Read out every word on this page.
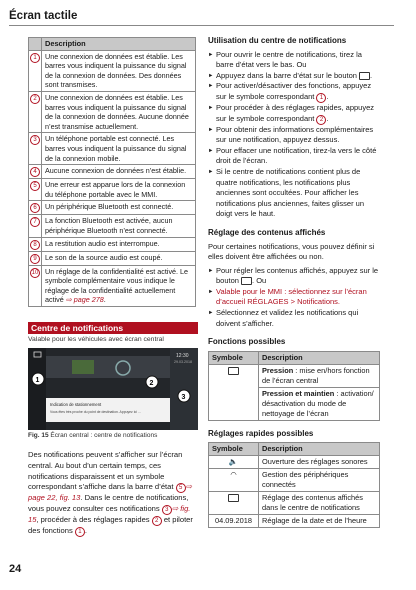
Écran tactile
	Description
1	Une connexion de données est établie. Les barres vous indiquent la puissance du signal de la connexion de données. Des données sont transmises.
2	Une connexion de données est établie. Les barres vous indiquent la puissance du signal de la connexion de données. Aucune donnée n’est transmise actuellement.
3	Un téléphone portable est connecté. Les barres vous indiquent la puissance du signal de la connexion mobile.
4	Aucune connexion de données n’est établie.
5	Une erreur est apparue lors de la connexion du téléphone portable avec le MMI.
6	Un périphérique Bluetooth est connecté.
7	La fonction Bluetooth est activée, aucun périphérique Bluetooth n’est connecté.
8	La restitution audio est interrompue.
9	Le son de la source audio est coupé.
10	Un réglage de la confidentialité est activé. Le symbole complémentaire vous indique le réglage de la confidentialité actuellement activé ⇨ page 278.
Centre de notifications
Valable pour les véhicules avec écran central
12:30
29.03.2018
Indication de stationnement
Vous êtes très proche du point de destination. Appuyez ici ...
1	2
3
Fig. 15 Écran central : centre de notifications
Des notifications peuvent s’afficher sur l’écran central. Au bout d’un certain temps, ces notifications disparaissent et un symbole correspondant s’affiche dans la barre d’état 5 ⇨ page 22, fig. 13. Dans le centre de notifications, vous pouvez consulter ces notifications 3 ⇨ fig. 15, procéder à des réglages rapides 2 et piloter des fonctions 1 .
24
Utilisation du centre de notifications
► Pour ouvrir le centre de notifications, tirez la barre d’état vers le bas. Ou
► Appuyez dans la barre d’état sur le bouton .
► Pour activer/désactiver des fonctions, appuyez sur le symbole correspondant 1 .
► Pour procéder à des réglages rapides, appuyez sur le symbole correspondant 2 .
► Pour obtenir des informations complémentaires sur une notification, appuyez dessus.
► Pour effacer une notification, tirez-la vers le côté droit de l’écran.
► Si le centre de notifications contient plus de quatre notifications, les notifications plus anciennes sont occultées. Pour afficher les notifications plus anciennes, faites glisser un doigt vers le haut.
Réglage des contenus affichés
Pour certaines notifications, vous pouvez définir si elles doivent être affichées ou non.
► Pour régler les contenus affichés, appuyez sur le bouton . Ou
► Valable pour le MMI : sélectionnez sur l’écran d’accueil RÉGLAGES > Notifications.
► Sélectionnez et validez les notifications qui doivent s’afficher.
Fonctions possibles
Symbole	Description
	Pression : mise en/hors fonction de l’écran central
	Pression et maintien : activation/ désactivation du mode de nettoyage de l’écran
Réglages rapides possibles
Symbole	Description
🔈	Ouverture des réglages sonores
◠	Gestion des périphériques connectés
	Réglage des contenus affichés dans le centre de notifications
04.09.2018	Réglage de la date et de l’heure
